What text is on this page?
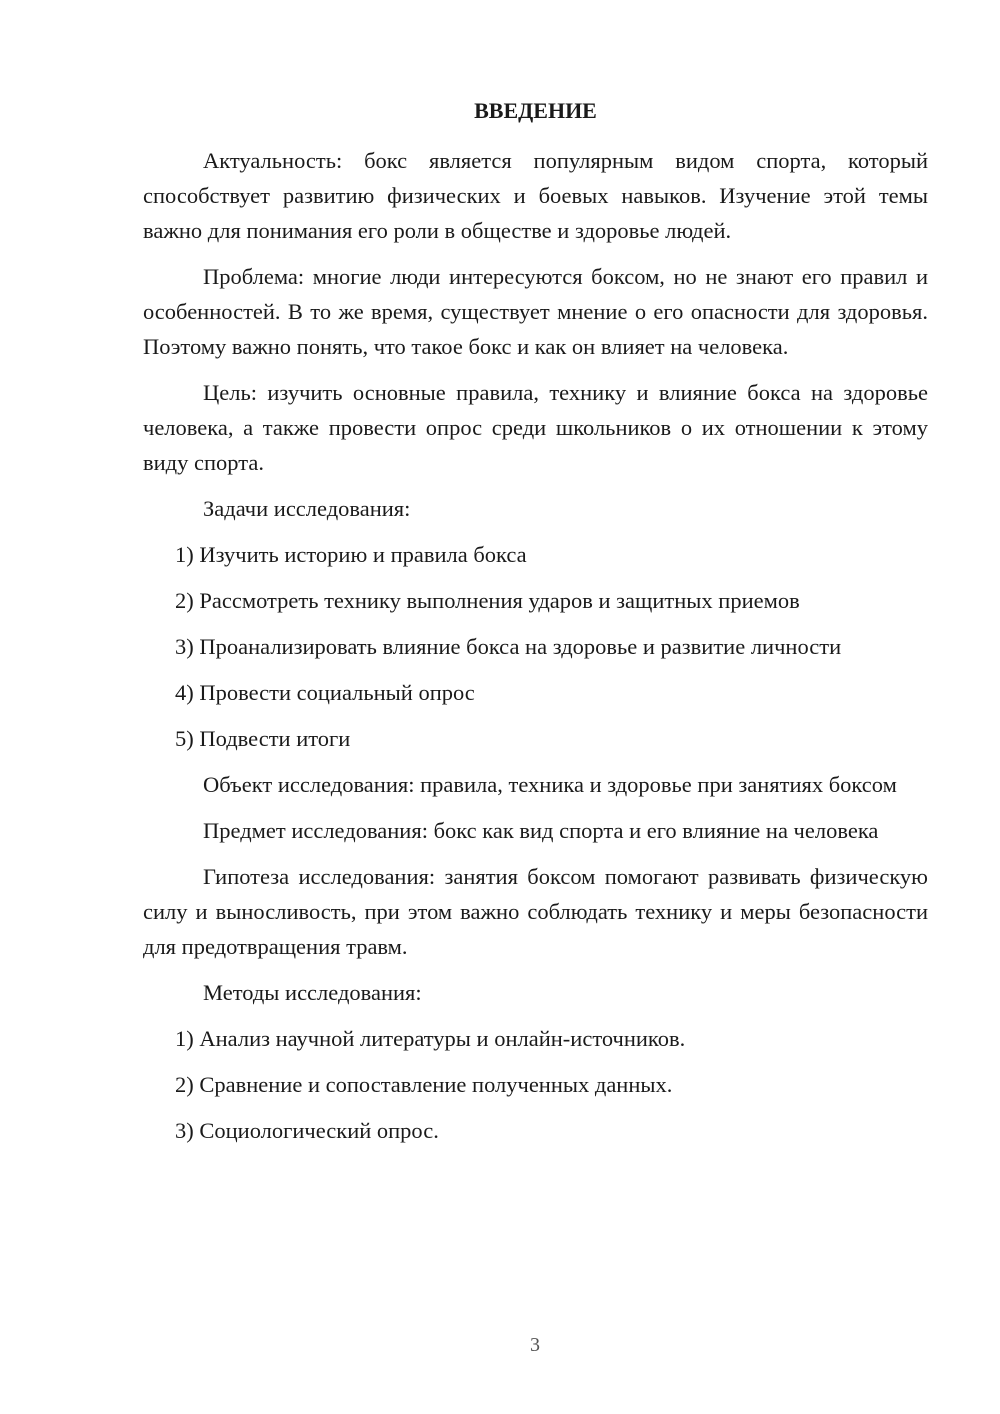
ВВЕДЕНИЕ

Актуальность: бокс является популярным видом спорта, который способствует развитию физических и боевых навыков. Изучение этой темы важно для понимания его роли в обществе и здоровье людей.

Проблема: многие люди интересуются боксом, но не знают его правил и особенностей. В то же время, существует мнение о его опасности для здоровья. Поэтому важно понять, что такое бокс и как он влияет на человека.

Цель: изучить основные правила, технику и влияние бокса на здоровье человека, а также провести опрос среди школьников о их отношении к этому виду спорта.

Задачи исследования:

1) Изучить историю и правила бокса
2) Рассмотреть технику выполнения ударов и защитных приемов
3) Проанализировать влияние бокса на здоровье и развитие личности
4) Провести социальный опрос
5) Подвести итоги

Объект исследования: правила, техника и здоровье при занятиях боксом

Предмет исследования: бокс как вид спорта и его влияние на человека

Гипотеза исследования: занятия боксом помогают развивать физическую силу и выносливость, при этом важно соблюдать технику и меры безопасности для предотвращения травм.

Методы исследования:

1) Анализ научной литературы и онлайн-источников.
2) Сравнение и сопоставление полученных данных.
3) Социологический опрос.
3
